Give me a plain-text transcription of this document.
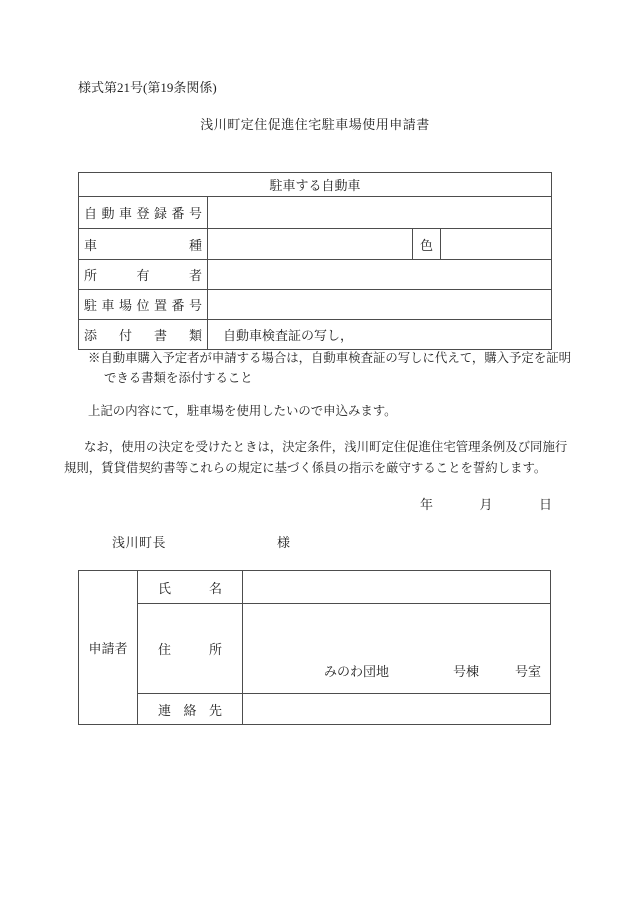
様式第21号(第19条関係)
浅川町定住促進住宅駐車場使用申請書
駐車する自動車			
自動車登録番号			
車種		色	
所有者			
駐車場位置番号			
添付書類	自動車検査証の写し，		
※自動車購入予定者が申請する場合は，自動車検査証の写しに代えて，購入予定を証明
できる書類を添付すること
上記の内容にて，駐車場を使用したいので申込みます。
なお，使用の決定を受けたときは，決定条件，浅川町定住促進住宅管理条例及び同施行
規則，賃貸借契約書等これらの規定に基づく係員の指示を厳守することを誓約します。
年	月	日
浅川町長	様
申請者	氏名	
	住所	みのわ団地 号棟 号室

	連絡先	
